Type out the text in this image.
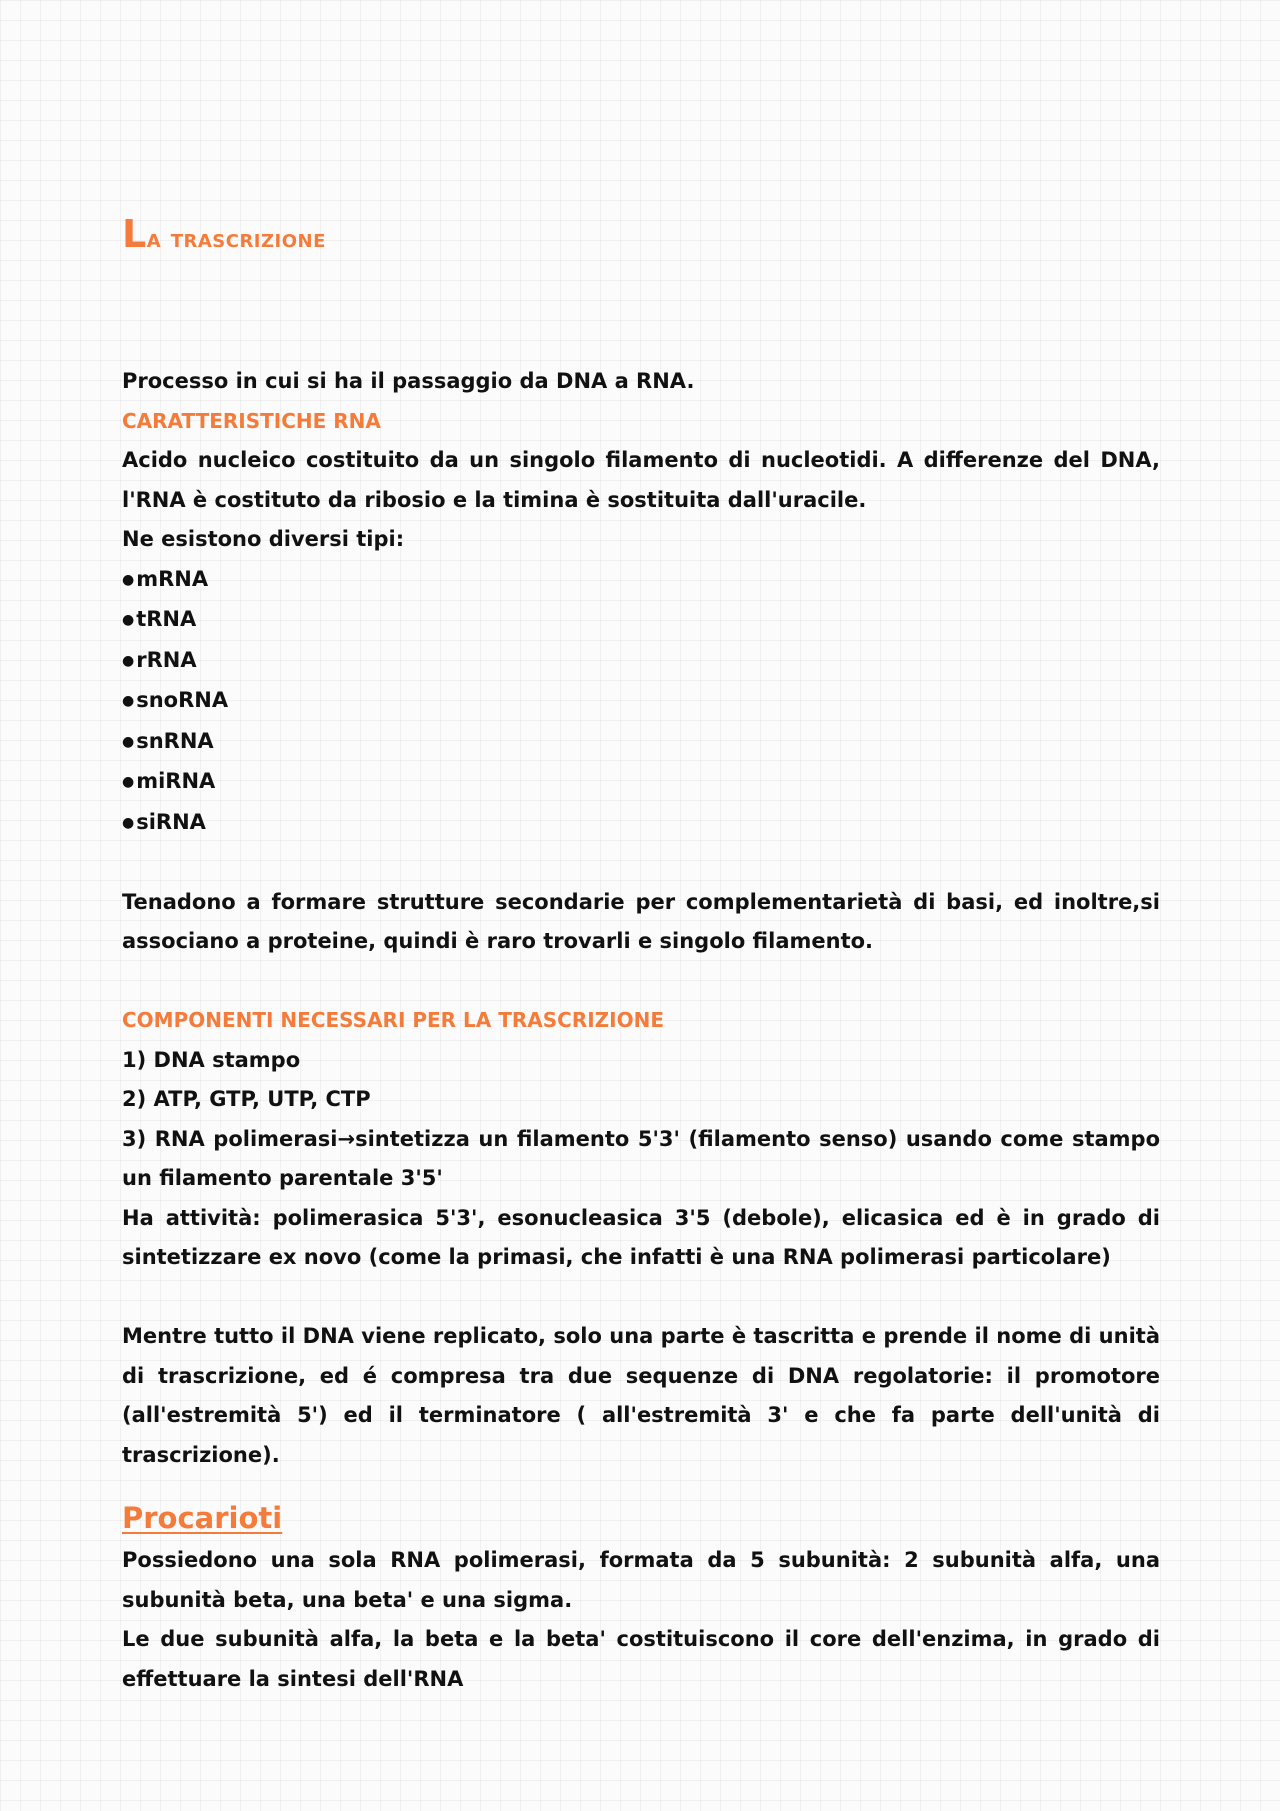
La trascrizione

Processo in cui si ha il passaggio da DNA a RNA.

CARATTERISTICHE RNA

Acido nucleico costituito da un singolo filamento di nucleotidi. A differenze del DNA, l'RNA è costituto da ribosio e la timina è sostituita dall'uracile.

Ne esistono diversi tipi:

● mRNA

● tRNA

● rRNA

● snoRNA

● snRNA

● miRNA

● siRNA

Tenadono a formare strutture secondarie per complementarietà di basi, ed inoltre,si associano a proteine, quindi è raro trovarli e singolo filamento.

COMPONENTI NECESSARI PER LA TRASCRIZIONE

1) DNA stampo

2) ATP, GTP, UTP, CTP

3) RNA polimerasi→sintetizza un filamento 5'3' (filamento senso) usando come stampo un filamento parentale 3'5'

Ha attività: polimerasica 5'3', esonucleasica 3'5 (debole), elicasica ed è in grado di sintetizzare ex novo (come la primasi, che infatti è una RNA polimerasi particolare)

Mentre tutto il DNA viene replicato, solo una parte è tascritta e prende il nome di unità di trascrizione, ed é compresa tra due sequenze di DNA regolatorie: il promotore (all'estremità 5') ed il terminatore ( all'estremità 3' e che fa parte dell'unità di trascrizione).

Procarioti

Possiedono una sola RNA polimerasi, formata da 5 subunità: 2 subunità alfa, una subunità beta, una beta' e una sigma.

Le due subunità alfa, la beta e la beta' costituiscono il core dell'enzima, in grado di effettuare la sintesi dell'RNA
